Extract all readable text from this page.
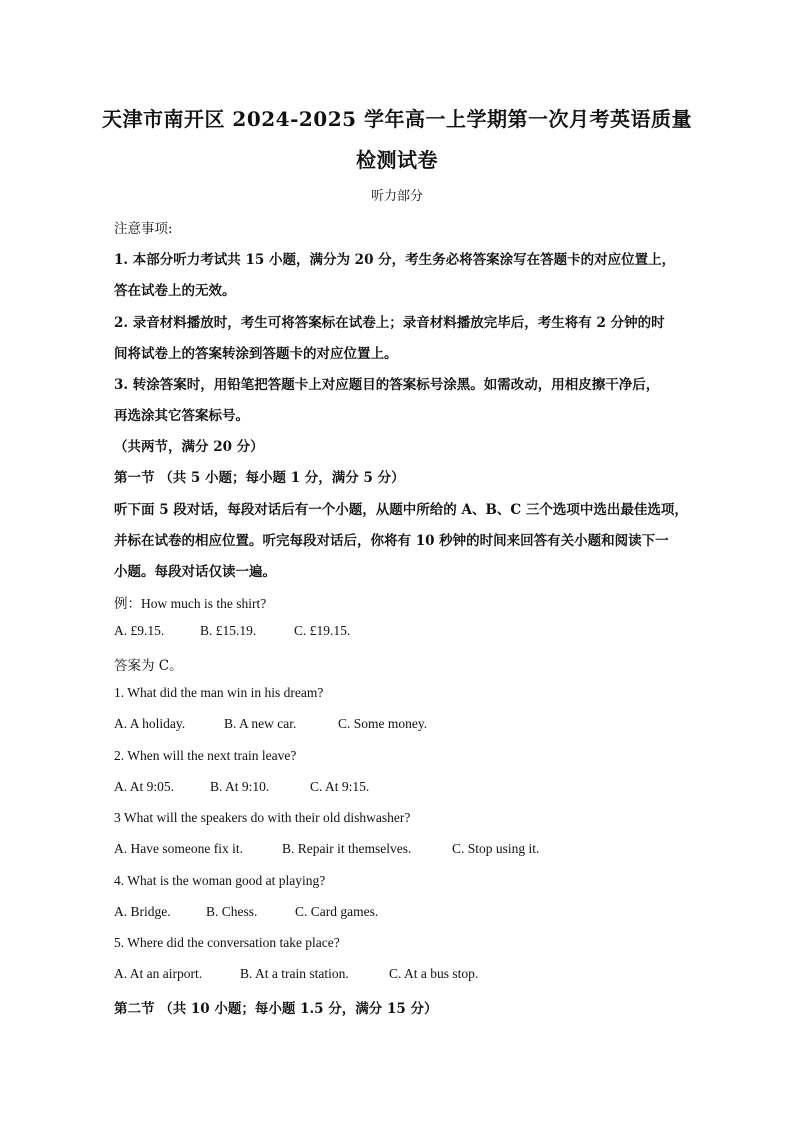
天津市南开区 2024-2025 学年高一上学期第一次月考英语质量
检测试卷
听力部分
注意事项:
1. 本部分听力考试共 15 小题，满分为 20 分，考生务必将答案涂写在答题卡的对应位置上，
答在试卷上的无效。
2. 录音材料播放时，考生可将答案标在试卷上；录音材料播放完毕后，考生将有 2 分钟的时
间将试卷上的答案转涂到答题卡的对应位置上。
3. 转涂答案时，用铅笔把答题卡上对应题目的答案标号涂黑。如需改动，用相皮擦干净后，
再选涂其它答案标号。
（共两节，满分 20 分）
第一节 （共 5 小题；每小题 1 分，满分 5 分）
听下面 5 段对话，每段对话后有一个小题，从题中所给的 A、B、C 三个选项中选出最佳选项，
并标在试卷的相应位置。听完每段对话后，你将有 10 秒钟的时间来回答有关小题和阅读下一
小题。每段对话仅读一遍。
例：How much is the shirt?
A. £9.15.	B. £15.19.	C. £19.15.
答案为 C。
1. What did the man win in his dream?
A. A holiday.	B. A new car.	C. Some money.
2. When will the next train leave?
A. At 9:05.	B. At 9:10.	C. At 9:15.
3 What will the speakers do with their old dishwasher?
A. Have someone fix it.	B. Repair it themselves.	C. Stop using it.
4. What is the woman good at playing?
A. Bridge.	B. Chess.	C. Card games.
5. Where did the conversation take place?
A. At an airport.	B. At a train station.	C. At a bus stop.
第二节 （共 10 小题；每小题 1.5 分，满分 15 分）
